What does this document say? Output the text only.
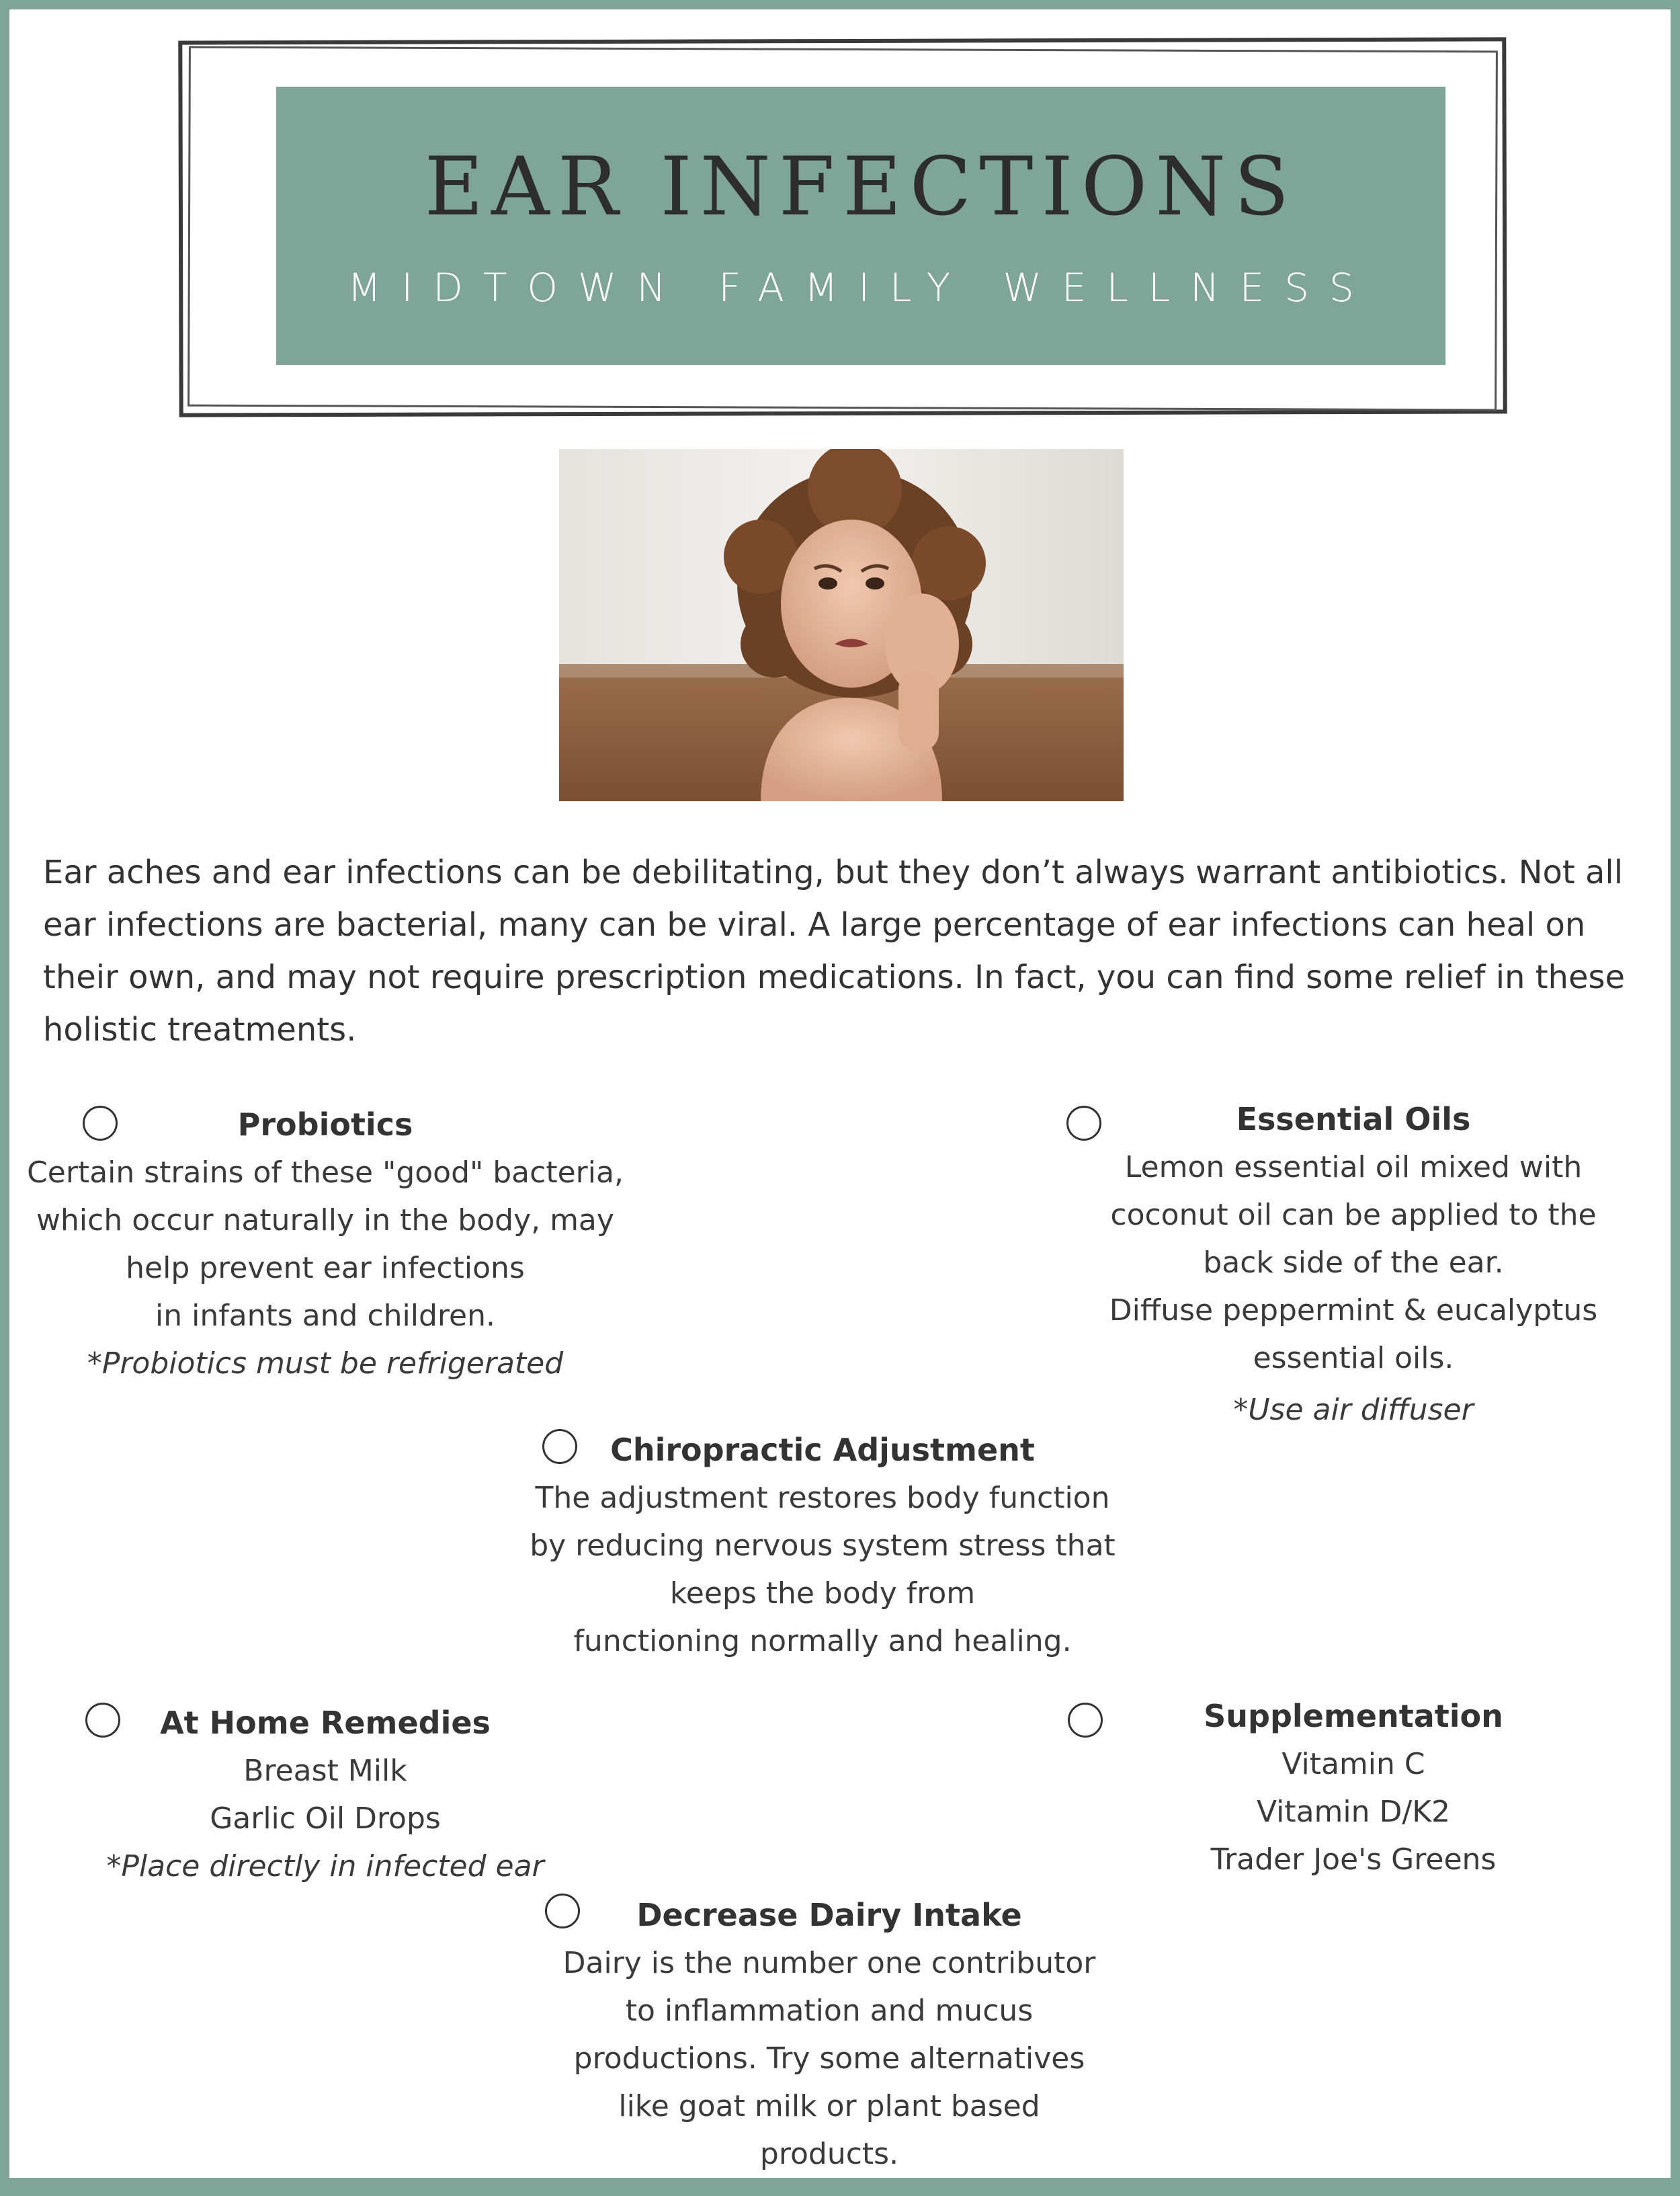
EAR INFECTIONS
MIDTOWN FAMILY WELLNESS
Ear aches and ear infections can be debilitating, but they don’t always warrant antibiotics. Not all ear infections are bacterial, many can be viral. A large percentage of ear infections can heal on their own, and may not require prescription medications. In fact, you can find some relief in these holistic treatments.
Probiotics
Certain strains of these "good" bacteria,
which occur naturally in the body, may
help prevent ear infections
in infants and children.
*Probiotics must be refrigerated
Essential Oils
Lemon essential oil mixed with
coconut oil can be applied to the
back side of the ear.
Diffuse peppermint & eucalyptus
essential oils.
*Use air diffuser
Chiropractic Adjustment
The adjustment restores body function
by reducing nervous system stress that
keeps the body from
functioning normally and healing.
At Home Remedies
Breast Milk
Garlic Oil Drops
*Place directly in infected ear
Supplementation
Vitamin C
Vitamin D/K2
Trader Joe's Greens
Decrease Dairy Intake
Dairy is the number one contributor
to inflammation and mucus
productions. Try some alternatives
like goat milk or plant based
products.
